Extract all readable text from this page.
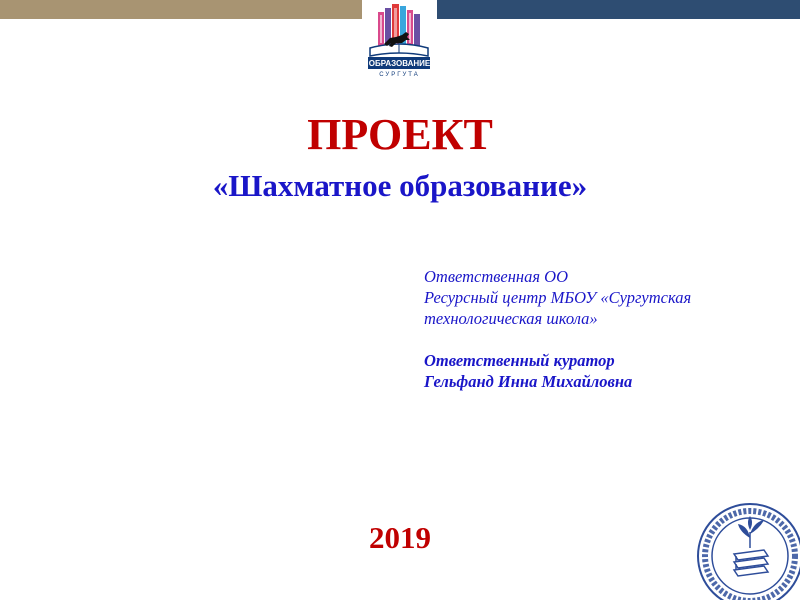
ОБРАЗОВАНИЕ
СУРГУТА
ПРОЕКТ
«Шахматное образование»
Ответственная ОО
Ресурсный центр МБОУ «Сургутская
технологическая школа»
Ответственный куратор
Гельфанд Инна Михайловна
2019
